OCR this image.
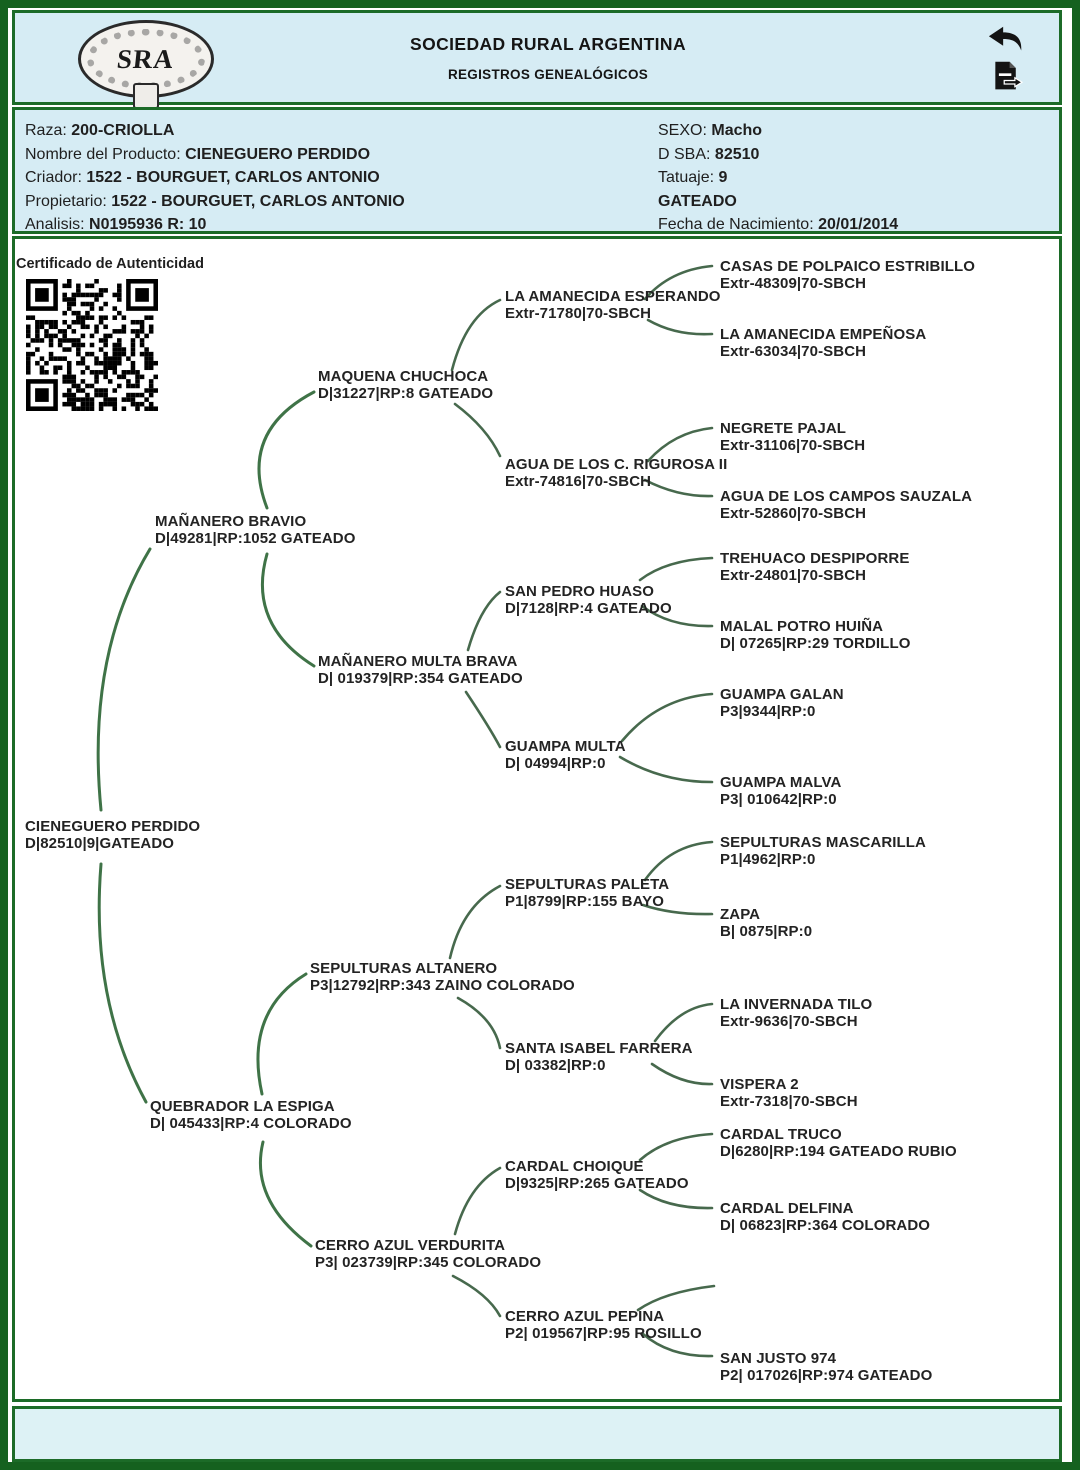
SRA	SOCIEDAD RURAL ARGENTINA
REGISTROS GENEALÓGICOS
Raza: 200-CRIOLLA
Nombre del Producto: CIENEGUERO PERDIDO
Criador: 1522 - BOURGUET, CARLOS ANTONIO
Propietario: 1522 - BOURGUET, CARLOS ANTONIO
Analisis: N0195936 R: 10
SEXO: Macho
D SBA: 82510
Tatuaje: 9
GATEADO
Fecha de Nacimiento: 20/01/2014
Certificado de Autenticidad
CIENEGUERO PERDIDO
D|82510|9|GATEADO
MAÑANERO BRAVIO
D|49281|RP:1052 GATEADO
QUEBRADOR LA ESPIGA
D| 045433|RP:4 COLORADO
MAQUENA CHUCHOCA
D|31227|RP:8 GATEADO
MAÑANERO MULTA BRAVA
D| 019379|RP:354 GATEADO
SEPULTURAS ALTANERO
P3|12792|RP:343 ZAINO COLORADO
CERRO AZUL VERDURITA
P3| 023739|RP:345 COLORADO
LA AMANECIDA ESPERANDO
Extr-71780|70-SBCH
AGUA DE LOS C. RIGUROSA II
Extr-74816|70-SBCH
SAN PEDRO HUASO
D|7128|RP:4 GATEADO
GUAMPA MULTA
D| 04994|RP:0
SEPULTURAS PALETA
P1|8799|RP:155 BAYO
SANTA ISABEL FARRERA
D| 03382|RP:0
CARDAL CHOIQUE
D|9325|RP:265 GATEADO
CERRO AZUL PEPINA
P2| 019567|RP:95 ROSILLO
CASAS DE POLPAICO ESTRIBILLO
Extr-48309|70-SBCH
LA AMANECIDA EMPEÑOSA
Extr-63034|70-SBCH
NEGRETE PAJAL
Extr-31106|70-SBCH
AGUA DE LOS CAMPOS SAUZALA
Extr-52860|70-SBCH
TREHUACO DESPIPORRE
Extr-24801|70-SBCH
MALAL POTRO HUIÑA
D| 07265|RP:29 TORDILLO
GUAMPA GALAN
P3|9344|RP:0
GUAMPA MALVA
P3| 010642|RP:0
SEPULTURAS MASCARILLA
P1|4962|RP:0
ZAPA
B| 0875|RP:0
LA INVERNADA TILO
Extr-9636|70-SBCH
VISPERA 2
Extr-7318|70-SBCH
CARDAL TRUCO
D|6280|RP:194 GATEADO RUBIO
CARDAL DELFINA
D| 06823|RP:364 COLORADO
SAN JUSTO 974
P2| 017026|RP:974 GATEADO
